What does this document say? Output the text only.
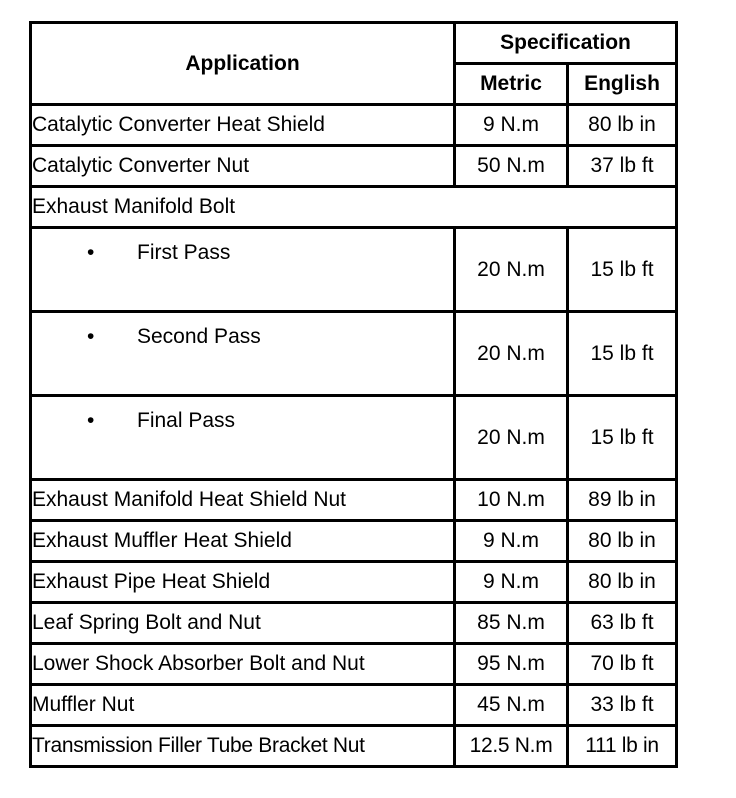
Application	Specification	
	Metric	English
Catalytic Converter Heat Shield	9 N.m	80 lb in
Catalytic Converter Nut	50 N.m	37 lb ft
Exhaust Manifold Bolt		

• First Pass	20 N.m	15 lb ft

• Second Pass	20 N.m	15 lb ft

• Final Pass	20 N.m	15 lb ft
Exhaust Manifold Heat Shield Nut	10 N.m	89 lb in
Exhaust Muffler Heat Shield	9 N.m	80 lb in
Exhaust Pipe Heat Shield	9 N.m	80 lb in
Leaf Spring Bolt and Nut	85 N.m	63 lb ft
Lower Shock Absorber Bolt and Nut	95 N.m	70 lb ft
Muffler Nut	45 N.m	33 lb ft
Transmission Filler Tube Bracket Nut	12.5 N.m	111 lb in
